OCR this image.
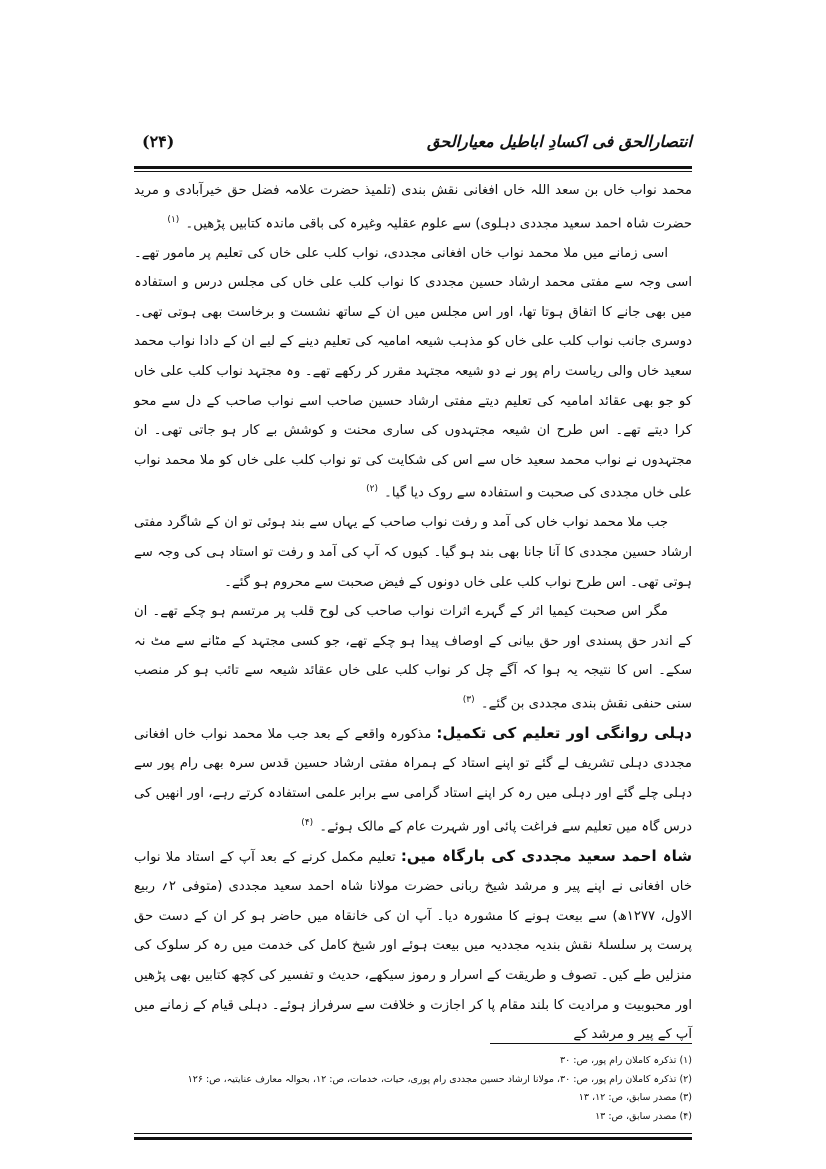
انتصارالحق فی اکسادِ اباطیل معیارالحق
(۲۴)

محمد نواب خاں بن سعد اللہ خاں افغانی نقش بندی (تلمیذ حضرت علامہ فضل حق خیرآبادی و مرید حضرت شاہ احمد سعید مجددی دہلوی) سے علوم عقلیہ وغیرہ کی باقی ماندہ کتابیں پڑھیں۔ $^{(۱)}$

اسی زمانے میں ملا محمد نواب خاں افغانی مجددی، نواب کلب علی خاں کی تعلیم پر مامور تھے۔ اسی وجہ سے مفتی محمد ارشاد حسین مجددی کا نواب کلب علی خاں کی مجلس درس و استفادہ میں بھی جانے کا اتفاق ہوتا تھا، اور اس مجلس میں ان کے ساتھ نشست و برخاست بھی ہوتی تھی۔ دوسری جانب نواب کلب علی خاں کو مذہب شیعہ امامیہ کی تعلیم دینے کے لیے ان کے دادا نواب محمد سعید خاں والی ریاست رام پور نے دو شیعہ مجتہد مقرر کر رکھے تھے۔ وہ مجتہد نواب کلب علی خاں کو جو بھی عقائد امامیہ کی تعلیم دیتے مفتی ارشاد حسین صاحب اسے نواب صاحب کے دل سے محو کرا دیتے تھے۔ اس طرح ان شیعہ مجتہدوں کی ساری محنت و کوشش بے کار ہو جاتی تھی۔ ان مجتہدوں نے نواب محمد سعید خاں سے اس کی شکایت کی تو نواب کلب علی خاں کو ملا محمد نواب علی خاں مجددی کی صحبت و استفادہ سے روک دیا گیا۔ $^{(۲)}$

جب ملا محمد نواب خاں کی آمد و رفت نواب صاحب کے یہاں سے بند ہوئی تو ان کے شاگرد مفتی ارشاد حسین مجددی کا آنا جانا بھی بند ہو گیا۔ کیوں کہ آپ کی آمد و رفت تو استاد ہی کی وجہ سے ہوتی تھی۔ اس طرح نواب کلب علی خاں دونوں کے فیض صحبت سے محروم ہو گئے۔

مگر اس صحبت کیمیا اثر کے گہرے اثرات نواب صاحب کی لوح قلب پر مرتسم ہو چکے تھے۔ ان کے اندر حق پسندی اور حق بیانی کے اوصاف پیدا ہو چکے تھے، جو کسی مجتہد کے مٹانے سے مٹ نہ سکے۔ اس کا نتیجہ یہ ہوا کہ آگے چل کر نواب کلب علی خاں عقائد شیعہ سے تائب ہو کر منصب سنی حنفی نقش بندی مجددی بن گئے۔ $^{(۳)}$

دہلی روانگی اور تعلیم کی تکمیل: مذکورہ واقعے کے بعد جب ملا محمد نواب خاں افغانی مجددی دہلی تشریف لے گئے تو اپنے استاد کے ہمراہ مفتی ارشاد حسین قدس سرہ بھی رام پور سے دہلی چلے گئے اور دہلی میں رہ کر اپنے استاد گرامی سے برابر علمی استفادہ کرتے رہے، اور انھیں کی درس گاہ میں تعلیم سے فراغت پائی اور شہرت عام کے مالک ہوئے۔ $^{(۴)}$

شاہ احمد سعید مجددی کی بارگاہ میں: تعلیم مکمل کرنے کے بعد آپ کے استاد ملا نواب خاں افغانی نے اپنے پیر و مرشد شیخ ربانی حضرت مولانا شاہ احمد سعید مجددی (متوفی ۲؍ ربیع الاول، ۱۲۷۷ھ) سے بیعت ہونے کا مشورہ دیا۔ آپ ان کی خانقاہ میں حاضر ہو کر ان کے دست حق پرست پر سلسلۂ نقش بندیہ مجددیہ میں بیعت ہوئے اور شیخ کامل کی خدمت میں رہ کر سلوک کی منزلیں طے کیں۔ تصوف و طریقت کے اسرار و رموز سیکھے، حدیث و تفسیر کی کچھ کتابیں بھی پڑھیں اور محبوبیت و مرادیت کا بلند مقام پا کر اجازت و خلافت سے سرفراز ہوئے۔ دہلی قیام کے زمانے میں آپ کے پیر و مرشد کے

(۱) تذکرہ کاملان رام پور، ص: ۳۰
(۲) تذکرہ کاملان رام پور، ص: ۳۰، مولانا ارشاد حسین مجددی رام پوری، حیات، خدمات، ص: ۱۲، بحوالہ معارف عنایتیہ، ص: ۱۲۶
(۳) مصدر سابق، ص: ۱۲، ۱۳
(۴) مصدر سابق، ص: ۱۳
